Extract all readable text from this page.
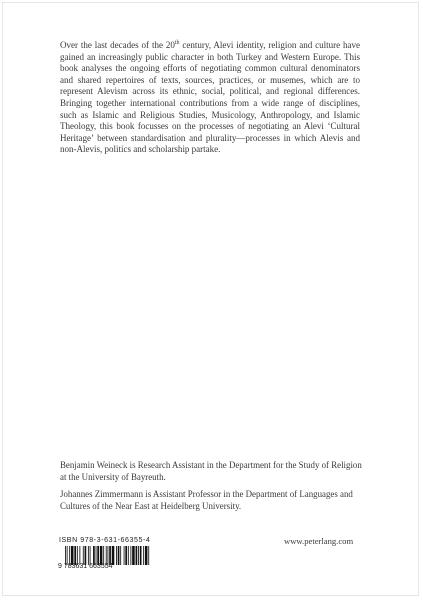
Over the last decades of the 20th century, Alevi identity, religion and culture have gained an increasingly public character in both Turkey and Western Europe. This book analyses the ongoing efforts of negotiating common cultural denominators and shared repertoires of texts, sources, practices, or musemes, which are to represent Alevism across its ethnic, social, political, and regional differences. Bringing together international contributions from a wide range of disciplines, such as Islamic and Religious Studies, Musicology, Anthropology, and Islamic Theology, this book focusses on the processes of negotiating an Alevi ‘Cultural Heritage’ between standardisation and plurality—processes in which Alevis and non-Alevis, politics and scholarship partake.

Benjamin Weineck is Research Assistant in the Department for the Study of Religion at the University of Bayreuth.

Johannes Zimmermann is Assistant Professor in the Department of Languages and Cultures of the Near East at Heidelberg University.

ISBN 978-3-631-66355-4
9 783631 663554
www.peterlang.com
